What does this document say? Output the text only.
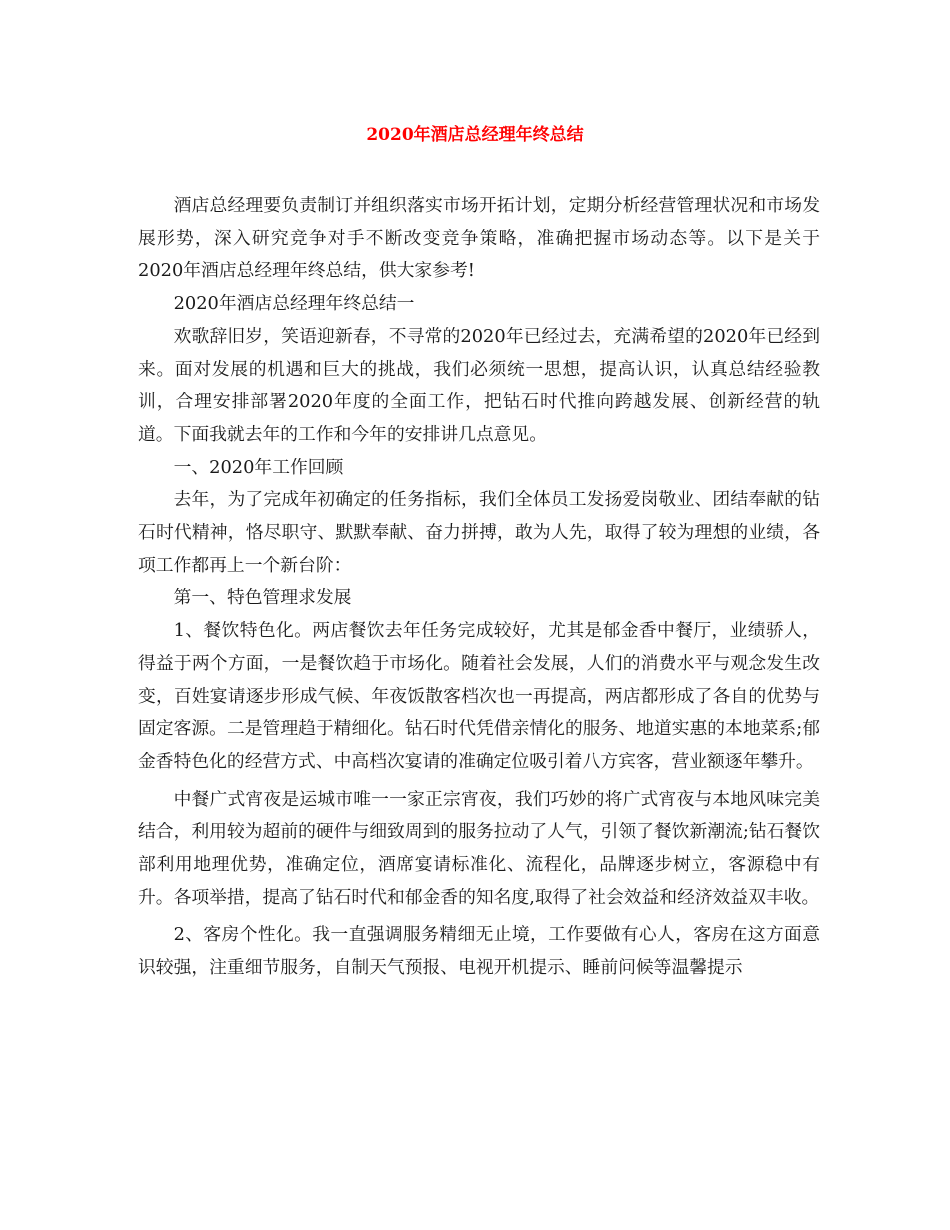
2020年酒店总经理年终总结

酒店总经理要负责制订并组织落实市场开拓计划，定期分析经营管理状况和市场发展形势，深入研究竞争对手不断改变竞争策略，准确把握市场动态等。以下是关于2020年酒店总经理年终总结，供大家参考!

2020年酒店总经理年终总结一

欢歌辞旧岁，笑语迎新春，不寻常的2020年已经过去，充满希望的2020年已经到来。面对发展的机遇和巨大的挑战，我们必须统一思想，提高认识，认真总结经验教训，合理安排部署2020年度的全面工作，把钻石时代推向跨越发展、创新经营的轨道。下面我就去年的工作和今年的安排讲几点意见。

一、2020年工作回顾

去年，为了完成年初确定的任务指标，我们全体员工发扬爱岗敬业、团结奉献的钻石时代精神，恪尽职守、默默奉献、奋力拼搏，敢为人先，取得了较为理想的业绩，各项工作都再上一个新台阶：

第一、特色管理求发展

1、餐饮特色化。两店餐饮去年任务完成较好，尤其是郁金香中餐厅，业绩骄人，得益于两个方面，一是餐饮趋于市场化。随着社会发展，人们的消费水平与观念发生改变，百姓宴请逐步形成气候、年夜饭散客档次也一再提高，两店都形成了各自的优势与固定客源。二是管理趋于精细化。钻石时代凭借亲情化的服务、地道实惠的本地菜系;郁金香特色化的经营方式、中高档次宴请的准确定位吸引着八方宾客，营业额逐年攀升。

中餐广式宵夜是运城市唯一一家正宗宵夜，我们巧妙的将广式宵夜与本地风味完美结合，利用较为超前的硬件与细致周到的服务拉动了人气，引领了餐饮新潮流;钻石餐饮部利用地理优势，准确定位，酒席宴请标准化、流程化，品牌逐步树立，客源稳中有升。各项举措，提高了钻石时代和郁金香的知名度,取得了社会效益和经济效益双丰收。

2、客房个性化。我一直强调服务精细无止境，工作要做有心人，客房在这方面意识较强，注重细节服务，自制天气预报、电视开机提示、睡前问候等温馨提示
